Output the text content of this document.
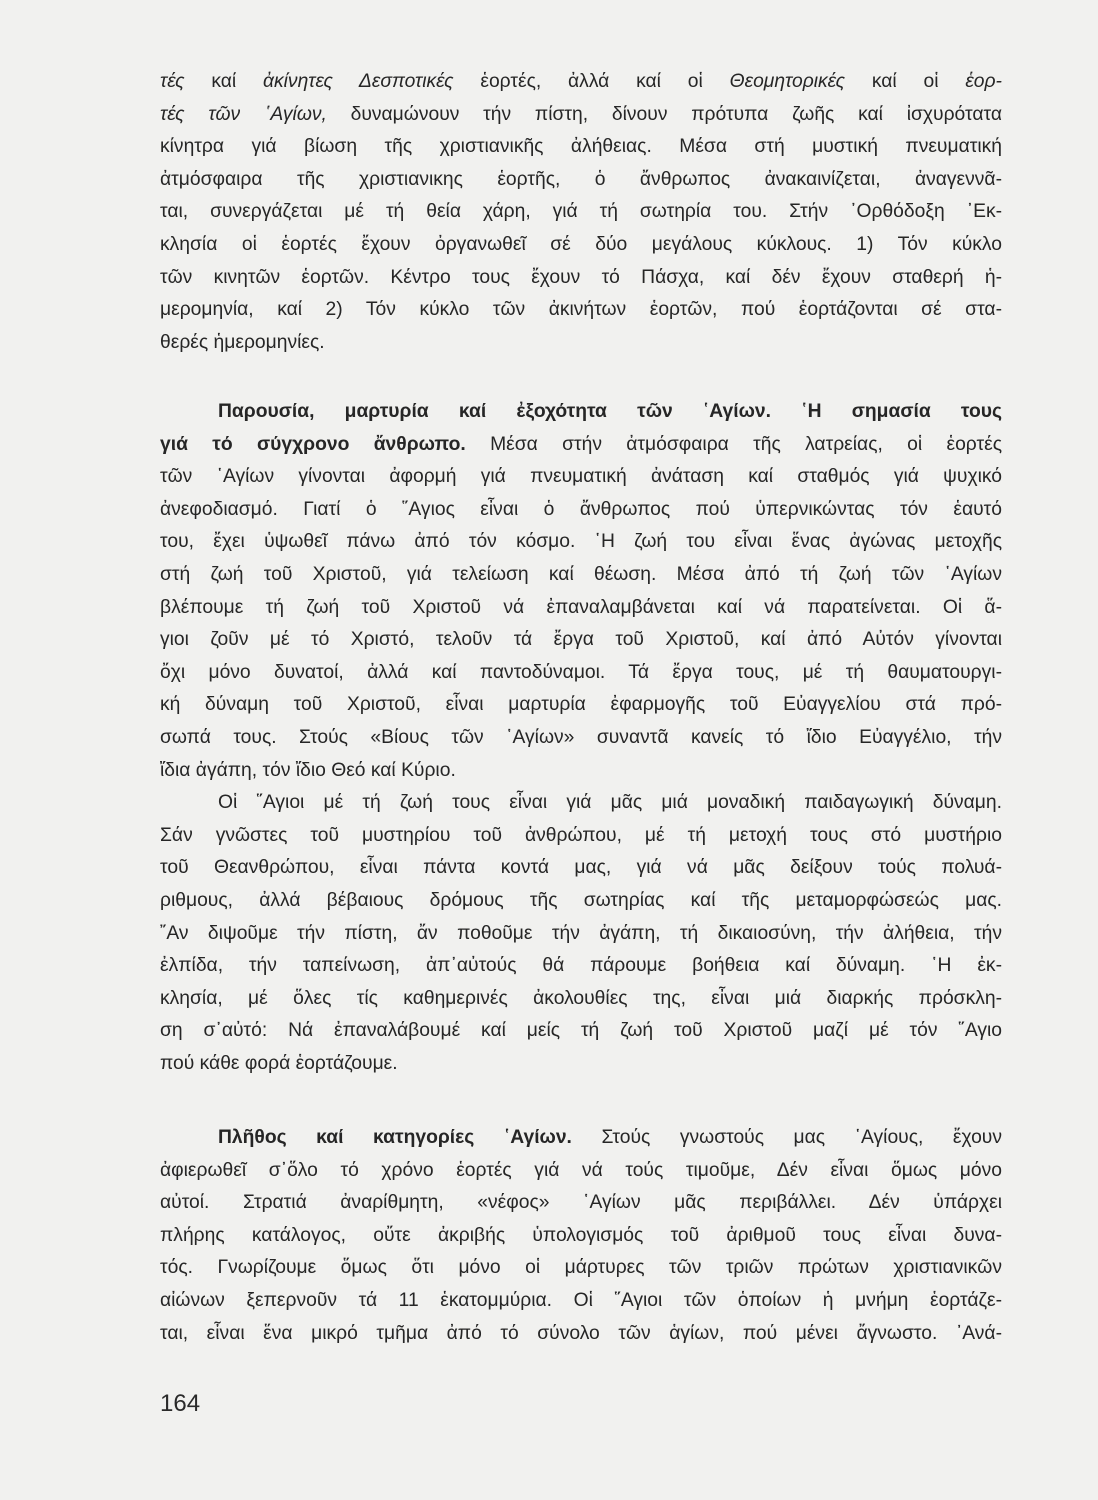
τές καί ἀκίνητες Δεσποτικές ἑορτές, ἀλλά καί οἱ Θεομητορικές καί οἱ ἑορ-
τές τῶν ῾Αγίων, δυναμώνουν τήν πίστη, δίνουν πρότυπα ζωῆς καί ἰσχυρότατα
κίνητρα γιά βίωση τῆς χριστιανικῆς ἀλήθειας. Μέσα στή μυστική πνευματική
ἀτμόσφαιρα τῆς χριστιανικης ἑορτῆς, ὁ ἄνθρωπος ἀνακαινίζεται, ἀναγεννᾶ-
ται, συνεργάζεται μέ τή θεία χάρη, γιά τή σωτηρία του. Στήν ᾿Ορθόδοξη ᾿Εκ-
κλησία οἱ ἑορτές ἔχουν ὀργανωθεῖ σέ δύο μεγάλους κύκλους. 1) Τόν κύκλο
τῶν κινητῶν ἑορτῶν. Κέντρο τους ἔχουν τό Πάσχα, καί δέν ἔχουν σταθερή ἡ-
μερομηνία, καί 2) Τόν κύκλο τῶν ἀκινήτων ἑορτῶν, πού ἑορτάζονται σέ στα-
θερές ἡμερομηνίες.
Παρουσία, μαρτυρία καί ἐξοχότητα τῶν ῾Αγίων. ῾Η σημασία τους
γιά τό σύγχρονο ἄνθρωπο. Μέσα στήν ἀτμόσφαιρα τῆς λατρείας, οἱ ἑορτές
τῶν ῾Αγίων γίνονται ἀφορμή γιά πνευματική ἀνάταση καί σταθμός γιά ψυχικό
ἀνεφοδιασμό. Γιατί ὁ ῞Αγιος εἶναι ὁ ἄνθρωπος πού ὑπερνικώντας τόν ἑαυτό
του, ἔχει ὑψωθεῖ πάνω ἀπό τόν κόσμο. ῾Η ζωή του εἶναι ἕνας ἀγώνας μετοχῆς
στή ζωή τοῦ Χριστοῦ, γιά τελείωση καί θέωση. Μέσα ἀπό τή ζωή τῶν ῾Αγίων
βλέπουμε τή ζωή τοῦ Χριστοῦ νά ἐπαναλαμβάνεται καί νά παρατείνεται. Οἱ ἅ-
γιοι ζοῦν μέ τό Χριστό, τελοῦν τά ἔργα τοῦ Χριστοῦ, καί ἀπό Αὐτόν γίνονται
ὄχι μόνο δυνατοί, ἀλλά καί παντοδύναμοι. Τά ἔργα τους, μέ τή θαυματουργι-
κή δύναμη τοῦ Χριστοῦ, εἶναι μαρτυρία ἐφαρμογῆς τοῦ Εὐαγγελίου στά πρό-
σωπά τους. Στούς «Βίους τῶν ῾Αγίων» συναντᾶ κανείς τό ἴδιο Εὐαγγέλιο, τήν
ἴδια ἀγάπη, τόν ἴδιο Θεό καί Κύριο.
Οἱ ῞Αγιοι μέ τή ζωή τους εἶναι γιά μᾶς μιά μοναδική παιδαγωγική δύναμη.
Σάν γνῶστες τοῦ μυστηρίου τοῦ ἀνθρώπου, μέ τή μετοχή τους στό μυστήριο
τοῦ Θεανθρώπου, εἶναι πάντα κοντά μας, γιά νά μᾶς δείξουν τούς πολυά-
ριθμους, ἀλλά βέβαιους δρόμους τῆς σωτηρίας καί τῆς μεταμορφώσεώς μας.
῎Αν διψοῦμε τήν πίστη, ἄν ποθοῦμε τήν ἀγάπη, τή δικαιοσύνη, τήν ἀλήθεια, τήν
ἐλπίδα, τήν ταπείνωση, ἀπ᾿αὐτούς θά πάρουμε βοήθεια καί δύναμη. ῾Η ἐκ-
κλησία, μέ ὅλες τίς καθημερινές ἀκολουθίες της, εἶναι μιά διαρκής πρόσκλη-
ση σ᾿αὐτό: Νά ἐπαναλάβουμέ καί μείς τή ζωή τοῦ Χριστοῦ μαζί μέ τόν ῞Αγιο
πού κάθε φορά ἑορτάζουμε.
Πλῆθος καί κατηγορίες ῾Αγίων. Στούς γνωστούς μας ῾Αγίους, ἔχουν
ἀφιερωθεῖ σ᾿ὅλο τό χρόνο ἑορτές γιά νά τούς τιμοῦμε, Δέν εἶναι ὅμως μόνο
αὐτοί. Στρατιά ἀναρίθμητη, «νέφος» ῾Αγίων μᾶς περιβάλλει. Δέν ὑπάρχει
πλήρης κατάλογος, οὔτε ἀκριβής ὑπολογισμός τοῦ ἀριθμοῦ τους εἶναι δυνα-
τός. Γνωρίζουμε ὅμως ὅτι μόνο οἱ μάρτυρες τῶν τριῶν πρώτων χριστιανικῶν
αἰώνων ξεπερνοῦν τά 11 ἑκατομμύρια. Οἱ ῞Αγιοι τῶν ὁποίων ἡ μνήμη ἑορτάζε-
ται, εἶναι ἕνα μικρό τμῆμα ἀπό τό σύνολο τῶν ἁγίων, πού μένει ἄγνωστο. ᾿Ανά-
164
